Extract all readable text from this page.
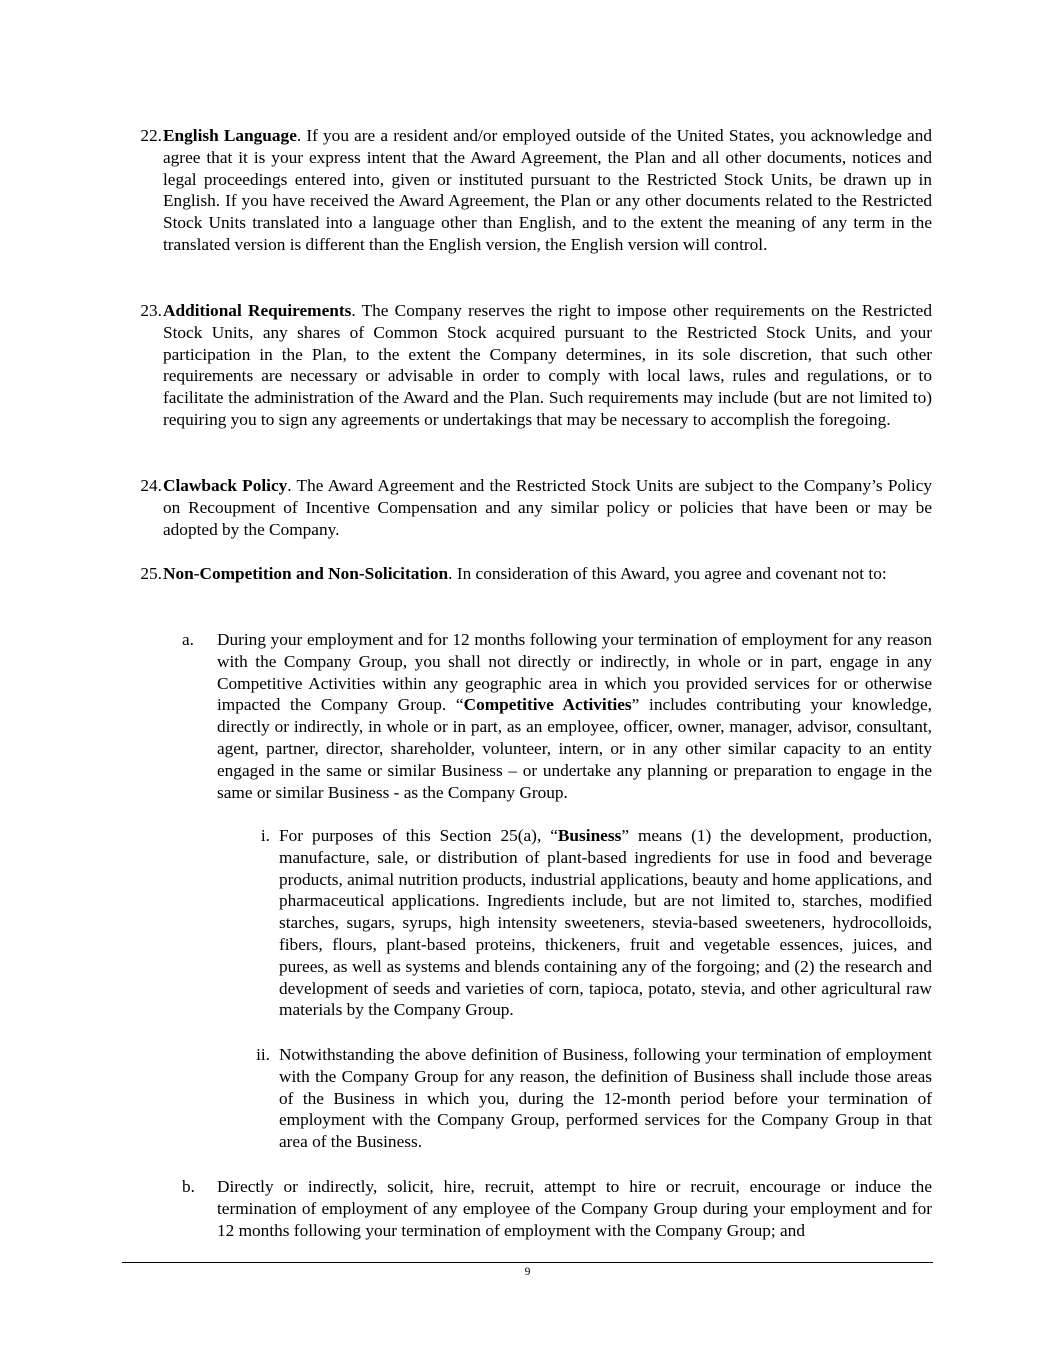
22. English Language. If you are a resident and/or employed outside of the United States, you acknowledge and agree that it is your express intent that the Award Agreement, the Plan and all other documents, notices and legal proceedings entered into, given or instituted pursuant to the Restricted Stock Units, be drawn up in English. If you have received the Award Agreement, the Plan or any other documents related to the Restricted Stock Units translated into a language other than English, and to the extent the meaning of any term in the translated version is different than the English version, the English version will control.
23. Additional Requirements. The Company reserves the right to impose other requirements on the Restricted Stock Units, any shares of Common Stock acquired pursuant to the Restricted Stock Units, and your participation in the Plan, to the extent the Company determines, in its sole discretion, that such other requirements are necessary or advisable in order to comply with local laws, rules and regulations, or to facilitate the administration of the Award and the Plan. Such requirements may include (but are not limited to) requiring you to sign any agreements or undertakings that may be necessary to accomplish the foregoing.
24. Clawback Policy. The Award Agreement and the Restricted Stock Units are subject to the Company’s Policy on Recoupment of Incentive Compensation and any similar policy or policies that have been or may be adopted by the Company.
25. Non-Competition and Non-Solicitation. In consideration of this Award, you agree and covenant not to:
a.	During your employment and for 12 months following your termination of employment for any reason with the Company Group, you shall not directly or indirectly, in whole or in part, engage in any Competitive Activities within any geographic area in which you provided services for or otherwise impacted the Company Group. “Competitive Activities” includes contributing your knowledge, directly or indirectly, in whole or in part, as an employee, officer, owner, manager, advisor, consultant, agent, partner, director, shareholder, volunteer, intern, or in any other similar capacity to an entity engaged in the same or similar Business – or undertake any planning or preparation to engage in the same or similar Business - as the Company Group.
i. For purposes of this Section 25(a), “Business” means (1) the development, production, manufacture, sale, or distribution of plant-based ingredients for use in food and beverage products, animal nutrition products, industrial applications, beauty and home applications, and pharmaceutical applications. Ingredients include, but are not limited to, starches, modified starches, sugars, syrups, high intensity sweeteners, stevia-based sweeteners, hydrocolloids, fibers, flours, plant-based proteins, thickeners, fruit and vegetable essences, juices, and purees, as well as systems and blends containing any of the forgoing; and (2) the research and development of seeds and varieties of corn, tapioca, potato, stevia, and other agricultural raw materials by the Company Group.
ii. Notwithstanding the above definition of Business, following your termination of employment with the Company Group for any reason, the definition of Business shall include those areas of the Business in which you, during the 12-month period before your termination of employment with the Company Group, performed services for the Company Group in that area of the Business.
b.	Directly or indirectly, solicit, hire, recruit, attempt to hire or recruit, encourage or induce the termination of employment of any employee of the Company Group during your employment and for 12 months following your termination of employment with the Company Group; and
9
